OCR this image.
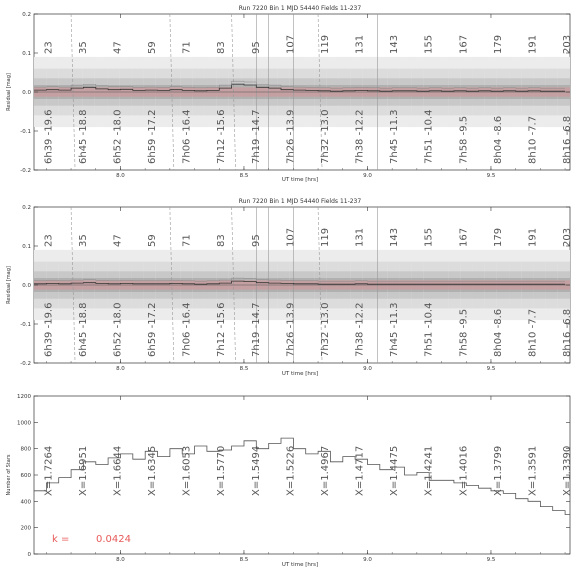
Run 7220 Bin 1 MJD 54440 Fields 11-237
Residual [mag]
UT time [hrs]
8.0	8.5	9.0	9.5
-0.2
-0.1
0.0
0.1
0.2
23
6h39 -19.6
35
6h45 -18.8
47
6h52 -18.0
59
6h59 -17.2
71
7h06 -16.4
83
7h12 -15.6
95
7h19 -14.7
107
7h26 -13.9
119
7h32 -13.0
131
7h38 -12.2
143
7h45 -11.3
155
7h51 -10.4
167
7h58 -9.5
179
8h04 -8.6
191
8h10 -7.7
203
8h16 -6.8
Run 7220 Bin 1 MJD 54440 Fields 11-237
Residual [mag]
UT time [hrs]
8.0	8.5	9.0	9.5
-0.2
-0.1
0.0
0.1
0.2
23
6h39 -19.6
35
6h45 -18.8
47
6h52 -18.0
59
6h59 -17.2
71
7h06 -16.4
83
7h12 -15.6
95
7h19 -14.7
107
7h26 -13.9
119
7h32 -13.0
131
7h38 -12.2
143
7h45 -11.3
155
7h51 -10.4
167
7h58 -9.5
179
8h04 -8.6
191
8h10 -7.7
203
8h16 -6.8
Number of Stars
UT time [hrs]
k =	0.0424
8.0	8.5	9.0	9.5
0
200
400
600
800
1000
1200
X=1.7264 X=1.6951 X=1.6644 X=1.6345 X=1.6053 X=1.5770 X=1.5494 X=1.5226 X=1.4967 X=1.4717 X=1.4475 X=1.4241 X=1.4016 X=1.3799 X=1.3591 X=1.3390
